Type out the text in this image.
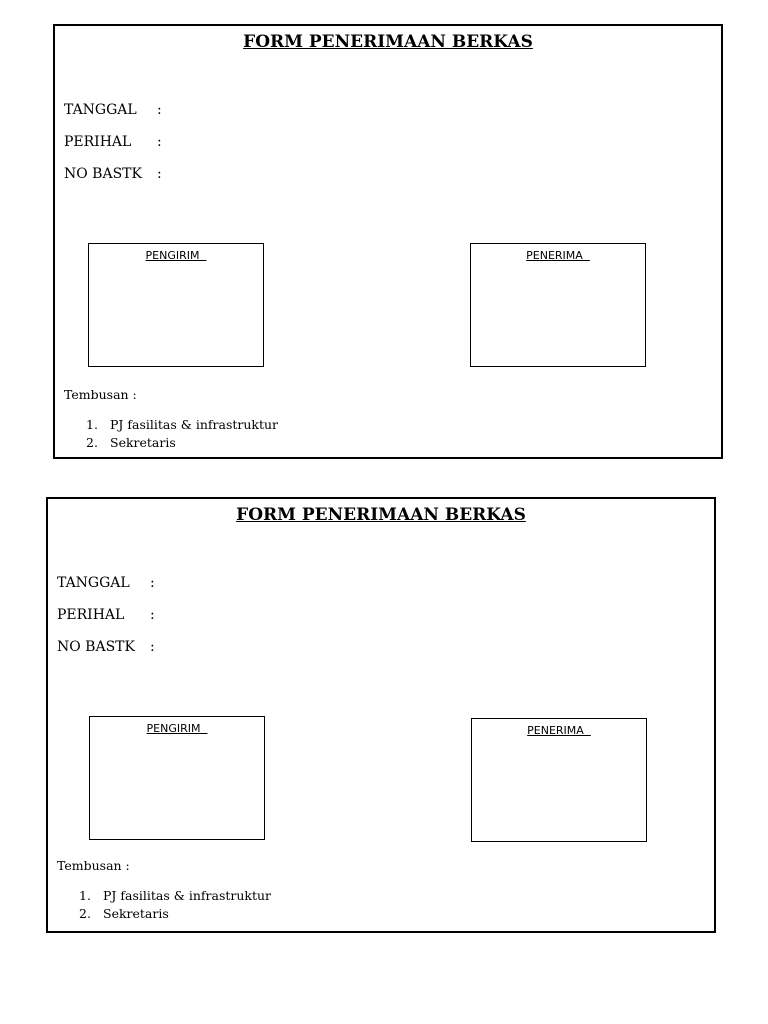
FORM PENERIMAAN BERKAS
TANGGAL :
PERIHAL :
NO BASTK :
PENGIRIM	PENERIMA
Tembusan :
1. PJ fasilitas & infrastruktur
2. Sekretaris
FORM PENERIMAAN BERKAS
TANGGAL :
PERIHAL :
NO BASTK :
PENGIRIM	PENERIMA
Tembusan :
1. PJ fasilitas & infrastruktur
2. Sekretaris
